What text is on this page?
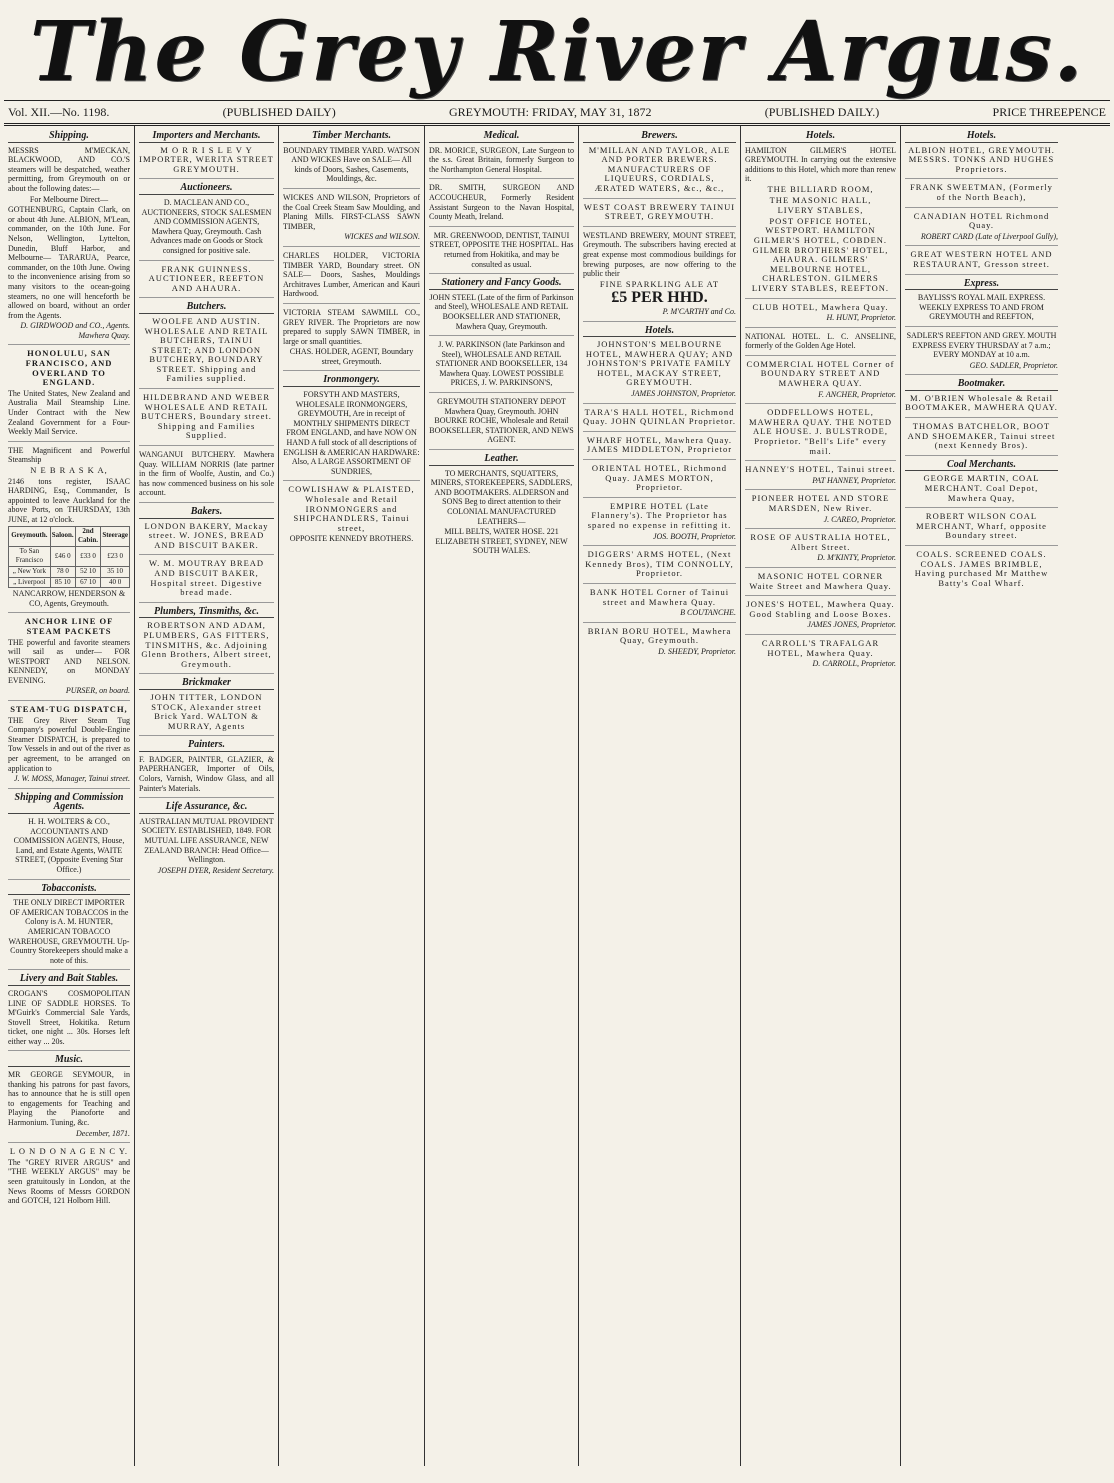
The Grey River Argus.
Vol. XII.—No. 1198.	(PUBLISHED DAILY)	GREYMOUTH: FRIDAY, MAY 31, 1872	(PUBLISHED DAILY.)	PRICE THREEPENCE
Shipping.

MESSRS M'MECKAN, BLACKWOOD, AND CO.'S steamers will be despatched, weather permitting, from Greymouth on or about the following dates:—

For Melbourne Direct—

GOTHENBURG, Captain Clark, on or about 4th June. ALBION, M'Lean, commander, on the 10th June. For Nelson, Wellington, Lyttelton, Dunedin, Bluff Harbor, and Melbourne— TARARUA, Pearce, commander, on the 10th June. Owing to the inconvenience arising from so many visitors to the ocean-going steamers, no one will henceforth be allowed on board, without an order from the Agents.

D. GIRDWOOD and CO., Agents. Mawhera Quay.

HONOLULU, SAN FRANCISCO, AND OVERLAND TO ENGLAND.

The United States, New Zealand and Australia Mail Steamship Line. Under Contract with the New Zealand Government for a Four-Weekly Mail Service.

THE Magnificent and Powerful Steamship

N E B R A S K A,

2146 tons register, ISAAC HARDING, Esq., Commander, Is appointed to leave Auckland for the above Ports, on THURSDAY, 13th JUNE, at 12 o'clock.

Greymouth.	Saloon.	2nd Cabin.	Steerage
To San Francisco	£46 0	£33 0	£23 0
„ New York	78 0	52 10	35 10
„ Liverpool	85 10	67 10	40 0

NANCARROW, HENDERSON & CO, Agents, Greymouth.

ANCHOR LINE OF STEAM PACKETS

THE powerful and favorite steamers will sail as under— FOR WESTPORT AND NELSON. KENNEDY, on MONDAY EVENING.

PURSER, on board.

STEAM-TUG DISPATCH,

THE Grey River Steam Tug Company's powerful Double-Engine Steamer DISPATCH, is prepared to Tow Vessels in and out of the river as per agreement, to be arranged on application to

J. W. MOSS, Manager, Tainui street.

Shipping and Commission Agents.

H. H. WOLTERS & CO., ACCOUNTANTS AND COMMISSION AGENTS, House, Land, and Estate Agents, WAITE STREET, (Opposite Evening Star Office.)

Tobacconists.

THE ONLY DIRECT IMPORTER OF AMERICAN TOBACCOS in the Colony is A. M. HUNTER, AMERICAN TOBACCO WAREHOUSE, GREYMOUTH. Up-Country Storekeepers should make a note of this.

Livery and Bait Stables.

CROGAN'S COSMOPOLITAN LINE OF SADDLE HORSES. To M'Guirk's Commercial Sale Yards, Stovell Street, Hokitika. Return ticket, one night ... 30s. Horses left either way ... 20s.

Music.

MR GEORGE SEYMOUR, in thanking his patrons for past favors, has to announce that he is still open to engagements for Teaching and Playing the Pianoforte and Harmonium. Tuning, &c.

December, 1871.

L O N D O N A G E N C Y.

The "GREY RIVER ARGUS" and "THE WEEKLY ARGUS" may be seen gratuitously in London, at the News Rooms of Messrs GORDON and GOTCH, 121 Holborn Hill.

Importers and Merchants.

M O R R I S L E V Y IMPORTER, WERITA STREET GREYMOUTH.

Auctioneers.

D. MACLEAN AND CO., AUCTIONEERS, STOCK SALESMEN AND COMMISSION AGENTS, Mawhera Quay, Greymouth. Cash Advances made on Goods or Stock consigned for positive sale.

FRANK GUINNESS. AUCTIONEER, REEFTON AND AHAURA.

Butchers.

WOOLFE AND AUSTIN. WHOLESALE AND RETAIL BUTCHERS, TAINUI STREET; AND LONDON BUTCHERY, BOUNDARY STREET. Shipping and Families supplied.

HILDEBRAND AND WEBER WHOLESALE AND RETAIL BUTCHERS, Boundary street. Shipping and Families Supplied.

WANGANUI BUTCHERY. Mawhera Quay. WILLIAM NORRIS (late partner in the firm of Woolfe, Austin, and Co.) has now commenced business on his sole account.

Bakers.

LONDON BAKERY, Mackay street. W. JONES, BREAD AND BISCUIT BAKER.

W. M. MOUTRAY BREAD AND BISCUIT BAKER, Hospital street. Digestive bread made.

Plumbers, Tinsmiths, &c.

ROBERTSON AND ADAM, PLUMBERS, GAS FITTERS, TINSMITHS, &c. Adjoining Glenn Brothers, Albert street, Greymouth.

Brickmaker

JOHN TITTER, LONDON STOCK, Alexander street Brick Yard. WALTON & MURRAY, Agents

Painters.

F. BADGER, PAINTER, GLAZIER, & PAPERHANGER, Importer of Oils, Colors, Varnish, Window Glass, and all Painter's Materials.

Life Assurance, &c.

AUSTRALIAN MUTUAL PROVIDENT SOCIETY. ESTABLISHED, 1849. FOR MUTUAL LIFE ASSURANCE, NEW ZEALAND BRANCH: Head Office—Wellington.

JOSEPH DYER, Resident Secretary.

Timber Merchants.

BOUNDARY TIMBER YARD. WATSON AND WICKES Have on SALE— All kinds of Doors, Sashes, Casements, Mouldings, &c.

WICKES AND WILSON, Proprietors of the Coal Creek Steam Saw Moulding, and Planing Mills. FIRST-CLASS SAWN TIMBER,

WICKES and WILSON.

CHARLES HOLDER, VICTORIA TIMBER YARD, Boundary street. ON SALE— Doors, Sashes, Mouldings Architraves Lumber, American and Kauri Hardwood.

VICTORIA STEAM SAWMILL CO., GREY RIVER. The Proprietors are now prepared to supply SAWN TIMBER, in large or small quantities.

CHAS. HOLDER, AGENT, Boundary street, Greymouth.

Ironmongery.

FORSYTH AND MASTERS, WHOLESALE IRONMONGERS, GREYMOUTH, Are in receipt of MONTHLY SHIPMENTS DIRECT FROM ENGLAND, and have NOW ON HAND A full stock of all descriptions of ENGLISH & AMERICAN HARDWARE: Also, A LARGE ASSORTMENT OF SUNDRIES,

COWLISHAW & PLAISTED, Wholesale and Retail IRONMONGERS and SHIPCHANDLERS, Tainui street,

OPPOSITE KENNEDY BROTHERS.

Medical.

DR. MORICE, SURGEON, Late Surgeon to the s.s. Great Britain, formerly Surgeon to the Northampton General Hospital.

DR. SMITH, SURGEON AND ACCOUCHEUR, Formerly Resident Assistant Surgeon to the Navan Hospital, County Meath, Ireland.

MR. GREENWOOD, DENTIST, TAINUI STREET, OPPOSITE THE HOSPITAL. Has returned from Hokitika, and may be consulted as usual.

Stationery and Fancy Goods.

JOHN STEEL (Late of the firm of Parkinson and Steel), WHOLESALE AND RETAIL BOOKSELLER AND STATIONER, Mawhera Quay, Greymouth.

J. W. PARKINSON (late Parkinson and Steel), WHOLESALE AND RETAIL STATIONER AND BOOKSELLER, 134 Mawhera Quay. LOWEST POSSIBLE PRICES, J. W. PARKINSON'S,

GREYMOUTH STATIONERY DEPOT Mawhera Quay, Greymouth. JOHN BOURKE ROCHE, Wholesale and Retail BOOKSELLER, STATIONER, AND NEWS AGENT.

Leather.

TO MERCHANTS, SQUATTERS, MINERS, STOREKEEPERS, SADDLERS, AND BOOTMAKERS. ALDERSON and SONS Beg to direct attention to their COLONIAL MANUFACTURED LEATHERS—

MILL BELTS, WATER HOSE. 221 ELIZABETH STREET, SYDNEY, NEW SOUTH WALES.

Brewers.

M'MILLAN AND TAYLOR, ALE AND PORTER BREWERS. MANUFACTURERS OF LIQUEURS, CORDIALS, ÆRATED WATERS, &c., &c.,

WEST COAST BREWERY TAINUI STREET, GREYMOUTH.

WESTLAND BREWERY, MOUNT STREET, Greymouth. The subscribers having erected at great expense most commodious buildings for brewing purposes, are now offering to the public their

FINE SPARKLING ALE AT

£5 PER HHD.

P. M'CARTHY and Co.

Hotels.

JOHNSTON'S MELBOURNE HOTEL, MAWHERA QUAY; AND JOHNSTON'S PRIVATE FAMILY HOTEL, MACKAY STREET, GREYMOUTH.

JAMES JOHNSTON, Proprietor.

TARA'S HALL HOTEL, Richmond Quay. JOHN QUINLAN Proprietor.

WHARF HOTEL, Mawhera Quay. JAMES MIDDLETON, Proprietor

ORIENTAL HOTEL, Richmond Quay. JAMES MORTON, Proprietor.

EMPIRE HOTEL (Late Flannery's). The Proprietor has spared no expense in refitting it.

JOS. BOOTH, Proprietor.

DIGGERS' ARMS HOTEL, (Next Kennedy Bros), TIM CONNOLLY, Proprietor.

BANK HOTEL Corner of Tainui street and Mawhera Quay.

B COUTANCHE.

BRIAN BORU HOTEL, Mawhera Quay, Greymouth.

D. SHEEDY, Proprietor.

Hotels.

HAMILTON GILMER'S HOTEL GREYMOUTH. In carrying out the extensive additions to this Hotel, which more than renew it.

THE BILLIARD ROOM,

THE MASONIC HALL,

LIVERY STABLES,

POST OFFICE HOTEL, WESTPORT. HAMILTON GILMER'S HOTEL, COBDEN. GILMER BROTHERS' HOTEL, AHAURA. GILMERS' MELBOURNE HOTEL, CHARLESTON. GILMERS LIVERY STABLES, REEFTON.

CLUB HOTEL, Mawhera Quay.

H. HUNT, Proprietor.

NATIONAL HOTEL. L. C. ANSELINE, formerly of the Golden Age Hotel.

COMMERCIAL HOTEL Corner of BOUNDARY STREET AND MAWHERA QUAY.

F. ANCHER, Proprietor.

ODDFELLOWS HOTEL, MAWHERA QUAY. THE NOTED ALE HOUSE. J. BULSTRODE, Proprietor. "Bell's Life" every mail.

HANNEY'S HOTEL, Tainui street.

PAT HANNEY, Proprietor.

PIONEER HOTEL AND STORE MARSDEN, New River.

J. CAREO, Proprietor.

ROSE OF AUSTRALIA HOTEL, Albert Street.

D. M'KINTY, Proprietor.

MASONIC HOTEL CORNER Waite Street and Mawhera Quay.

JONES'S HOTEL, Mawhera Quay. Good Stabling and Loose Boxes.

JAMES JONES, Proprietor.

CARROLL'S TRAFALGAR HOTEL, Mawhera Quay.

D. CARROLL, Proprietor.

Hotels.

ALBION HOTEL, GREYMOUTH. MESSRS. TONKS AND HUGHES Proprietors.

FRANK SWEETMAN, (Formerly of the North Beach),

CANADIAN HOTEL Richmond Quay.

ROBERT CARD (Late of Liverpool Gully),

GREAT WESTERN HOTEL AND RESTAURANT, Gresson street.

Express.

BAYLISS'S ROYAL MAIL EXPRESS. WEEKLY EXPRESS TO AND FROM GREYMOUTH and REEFTON,

SADLER'S REEFTON AND GREY. MOUTH EXPRESS EVERY THURSDAY at 7 a.m.; EVERY MONDAY at 10 a.m.

GEO. SADLER, Proprietor.

Bootmaker.

M. O'BRIEN Wholesale & Retail BOOTMAKER, MAWHERA QUAY.

THOMAS BATCHELOR, BOOT AND SHOEMAKER, Tainui street (next Kennedy Bros).

Coal Merchants.

GEORGE MARTIN, COAL MERCHANT. Coal Depot, Mawhera Quay,

ROBERT WILSON COAL MERCHANT, Wharf, opposite Boundary street.

COALS. SCREENED COALS. COALS. JAMES BRIMBLE, Having purchased Mr Matthew Batty's Coal Wharf.
